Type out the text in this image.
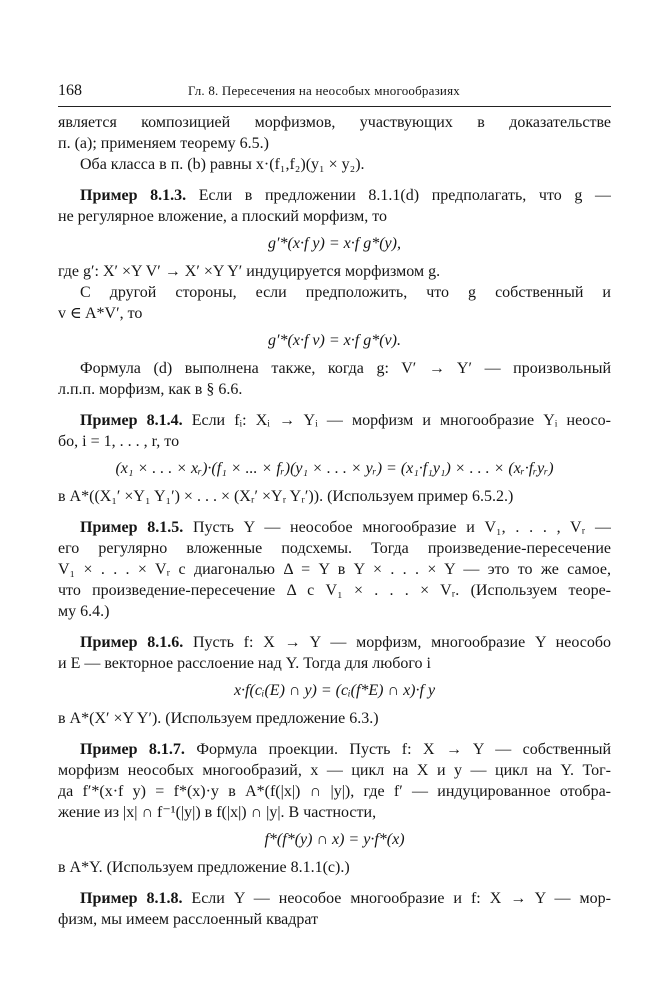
168	Гл. 8. Пересечения на неособых многообразиях
является композицией морфизмов, участвующих в доказательстве
п. (а); применяем теорему 6.5.)
Оба класса в п. (b) равны x·(f₁,f₂)(y₁ × y₂).
Пример 8.1.3. Если в предложении 8.1.1(d) предполагать, что g —
не регулярное вложение, а плоский морфизм, то
g′*(x·f y) = x·f g*(y),
где g′: X′ ×Y V′ → X′ ×Y Y′ индуцируется морфизмом g.
С другой стороны, если предположить, что g собственный и
v ∈ A*V′, то
g′*(x·f v) = x·f g*(v).
Формула (d) выполнена также, когда g: V′ → Y′ — произвольный
л.п.п. морфизм, как в § 6.6.
Пример 8.1.4. Если fᵢ: Xᵢ → Yᵢ — морфизм и многообразие Yᵢ неосо-
бо, i = 1, . . . , r, то
(x₁ × . . . × xᵣ)·(f₁ × ... × fᵣ)(y₁ × . . . × yᵣ) = (x₁·f₁y₁) × . . . × (xᵣ·fᵣyᵣ)
в A*((X₁′ ×Y₁ Y₁′) × . . . × (Xᵣ′ ×Yᵣ Yᵣ′)). (Используем пример 6.5.2.)
Пример 8.1.5. Пусть Y — неособое многообразие и V₁, . . . , Vᵣ —
его регулярно вложенные подсхемы. Тогда произведение-пересечение
V₁ × . . . × Vᵣ с диагональю Δ = Y в Y × . . . × Y — это то же самое,
что произведение-пересечение Δ с V₁ × . . . × Vᵣ. (Используем теоре-
му 6.4.)
Пример 8.1.6. Пусть f: X → Y — морфизм, многообразие Y неособо
и E — векторное расслоение над Y. Тогда для любого i
x·f(cᵢ(E) ∩ y) = (cᵢ(f*E) ∩ x)·f y
в A*(X′ ×Y Y′). (Используем предложение 6.3.)
Пример 8.1.7. Формула проекции. Пусть f: X → Y — собственный
морфизм неособых многообразий, x — цикл на X и y — цикл на Y. Тог-
да f′*(x·f y) = f*(x)·y в A*(f(|x|) ∩ |y|), где f′ — индуцированное отобра-
жение из |x| ∩ f⁻¹(|y|) в f(|x|) ∩ |y|. В частности,
f*(f*(y) ∩ x) = y·f*(x)
в A*Y. (Используем предложение 8.1.1(c).)
Пример 8.1.8. Если Y — неособое многообразие и f: X → Y — мор-
физм, мы имеем расслоенный квадрат
